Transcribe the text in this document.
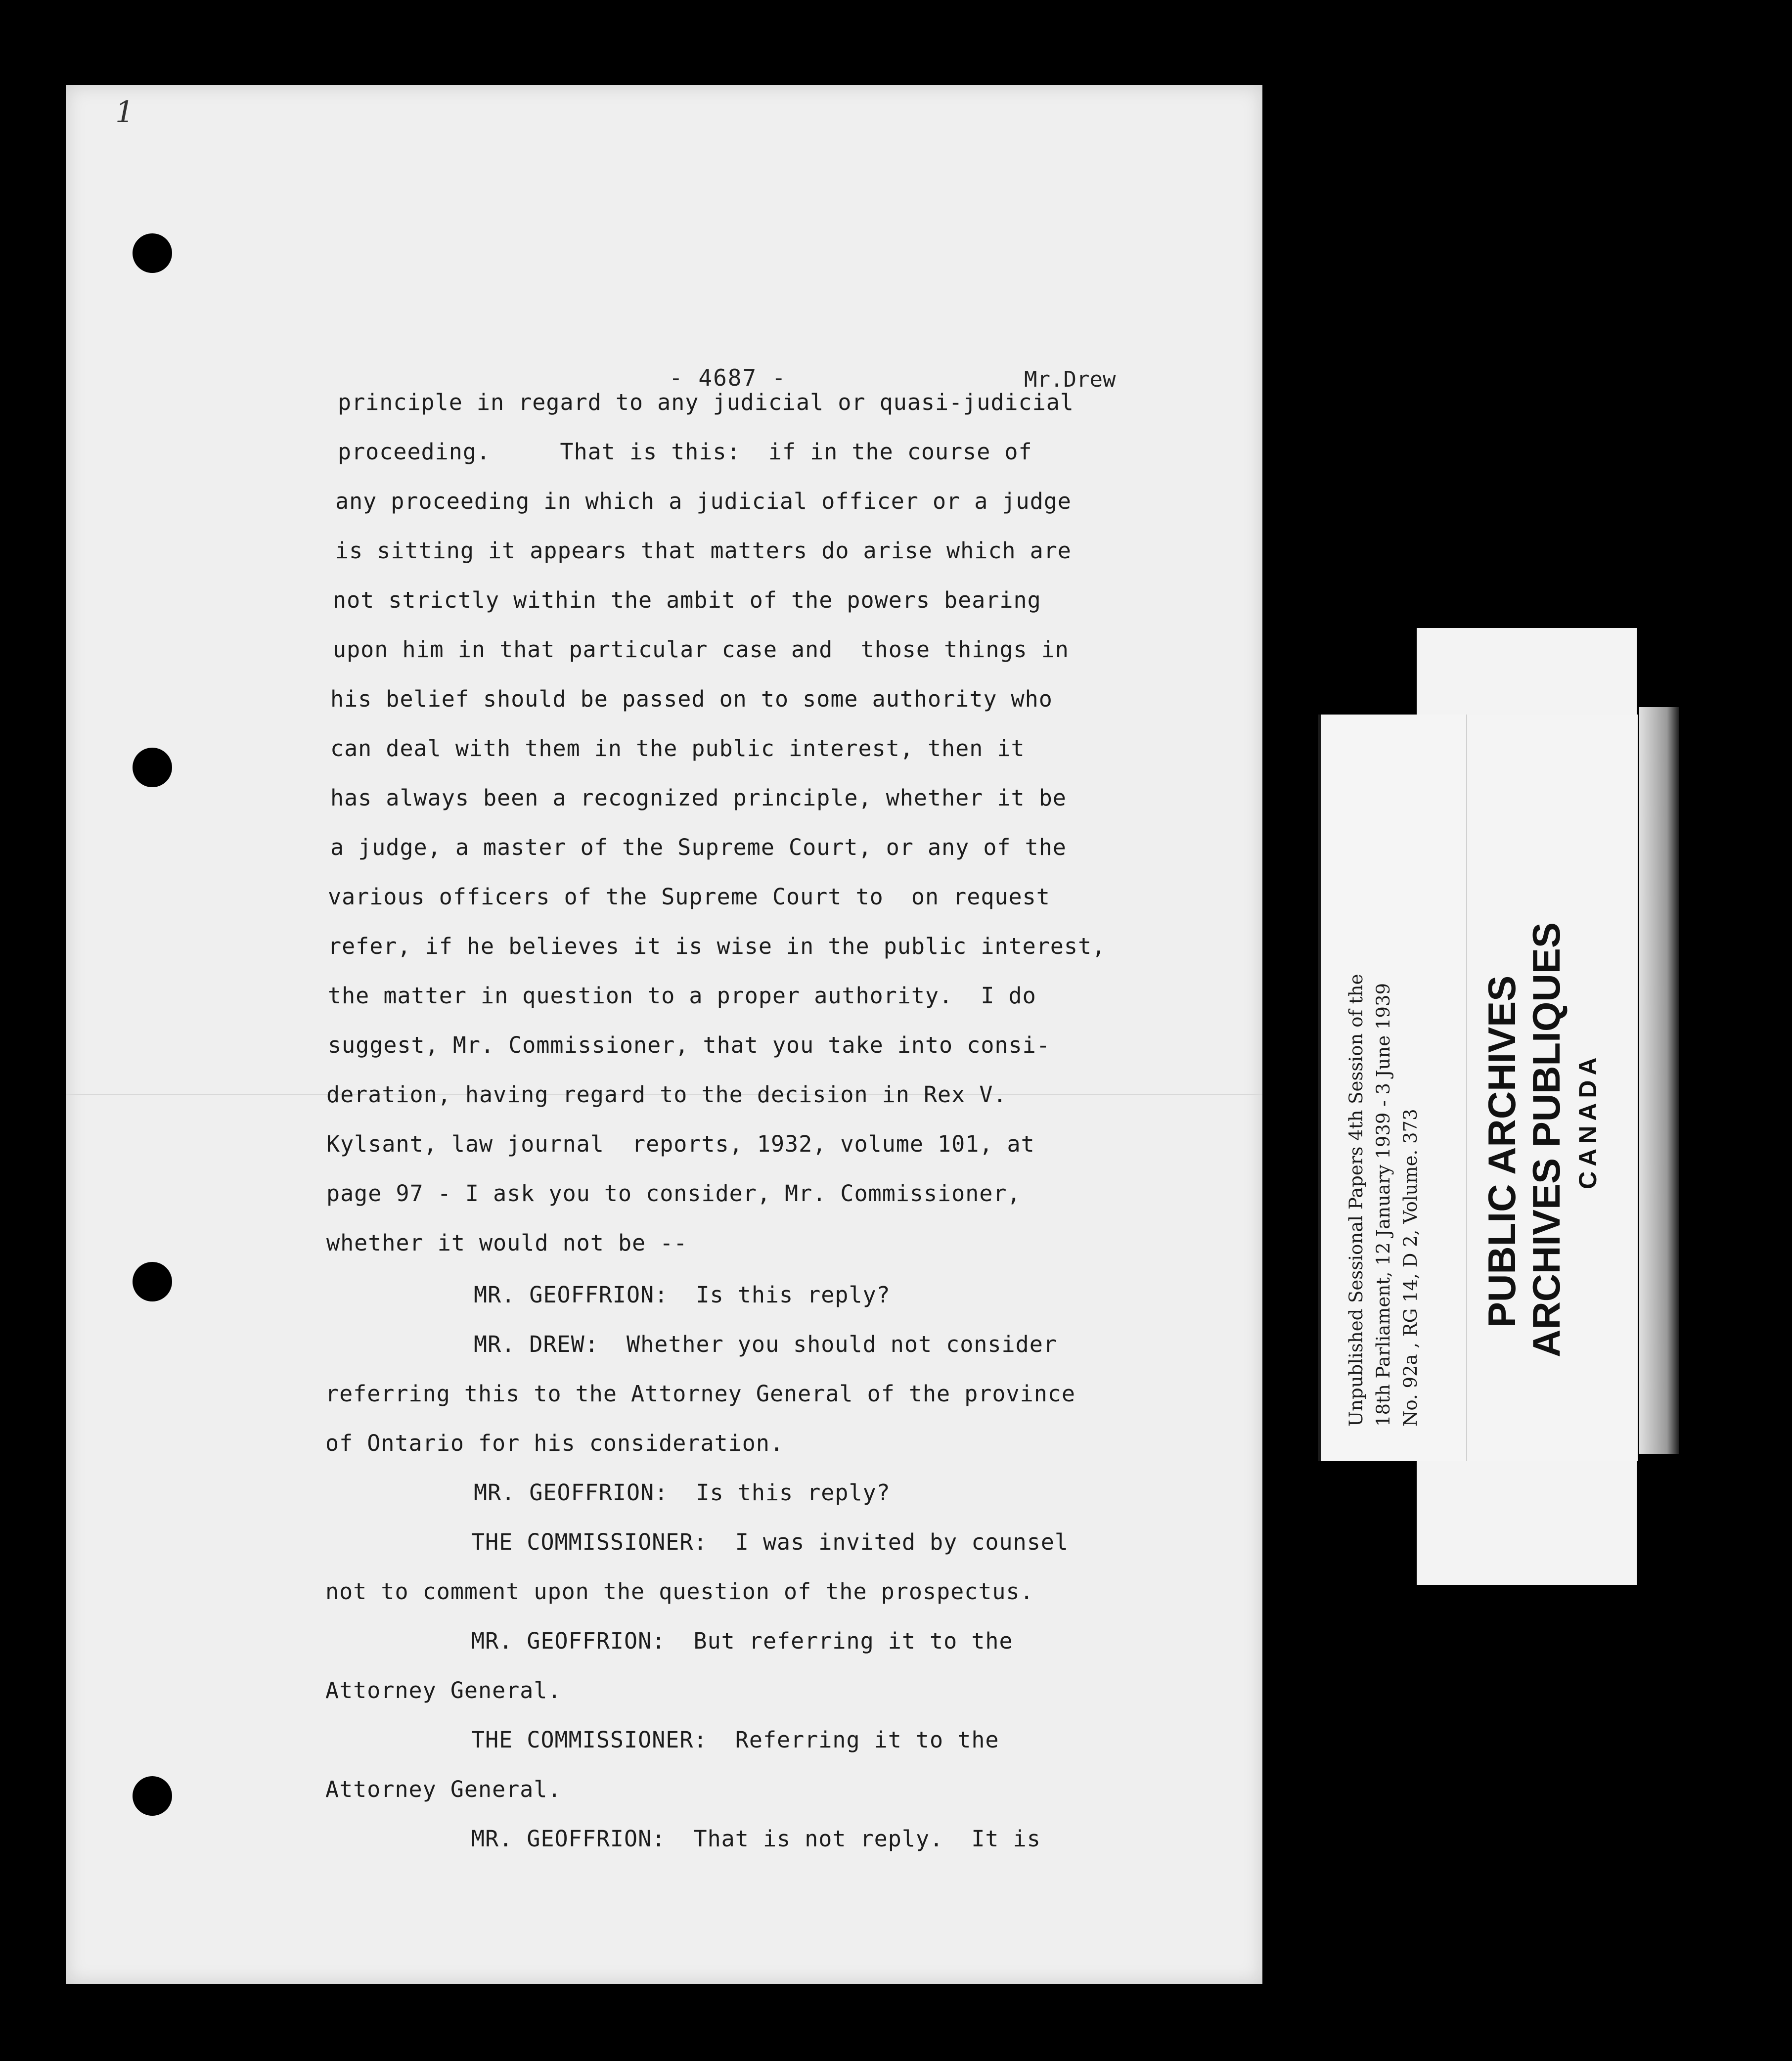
1
- 4687 -	Mr.Drew
principle in regard to any judicial or quasi-judicial
proceeding.     That is this:  if in the course of
any proceeding in which a judicial officer or a judge
is sitting it appears that matters do arise which are
not strictly within the ambit of the powers bearing
upon him in that particular case and  those things in
his belief should be passed on to some authority who
can deal with them in the public interest, then it
has always been a recognized principle, whether it be
a judge, a master of the Supreme Court, or any of the
various officers of the Supreme Court to  on request
refer, if he believes it is wise in the public interest,
the matter in question to a proper authority.  I do
suggest, Mr. Commissioner, that you take into consi-
deration, having regard to the decision in Rex V.
Kylsant, law journal  reports, 1932, volume 101, at
page 97 - I ask you to consider, Mr. Commissioner,
whether it would not be --
MR. GEOFFRION:  Is this reply?
MR. DREW:  Whether you should not consider
referring this to the Attorney General of the province
of Ontario for his consideration.
MR. GEOFFRION:  Is this reply?
THE COMMISSIONER:  I was invited by counsel
not to comment upon the question of the prospectus.
MR. GEOFFRION:  But referring it to the
Attorney General.
THE COMMISSIONER:  Referring it to the
Attorney General.
MR. GEOFFRION:  That is not reply.  It is
Unpublished Sessional Papers 4th Session of the 18th Parliament, 12 January 1939 - 3 June 1939 No. 92a , RG 14, D 2, Volume. 373 PUBLIC ARCHIVES ARCHIVES PUBLIQUES CANADA
